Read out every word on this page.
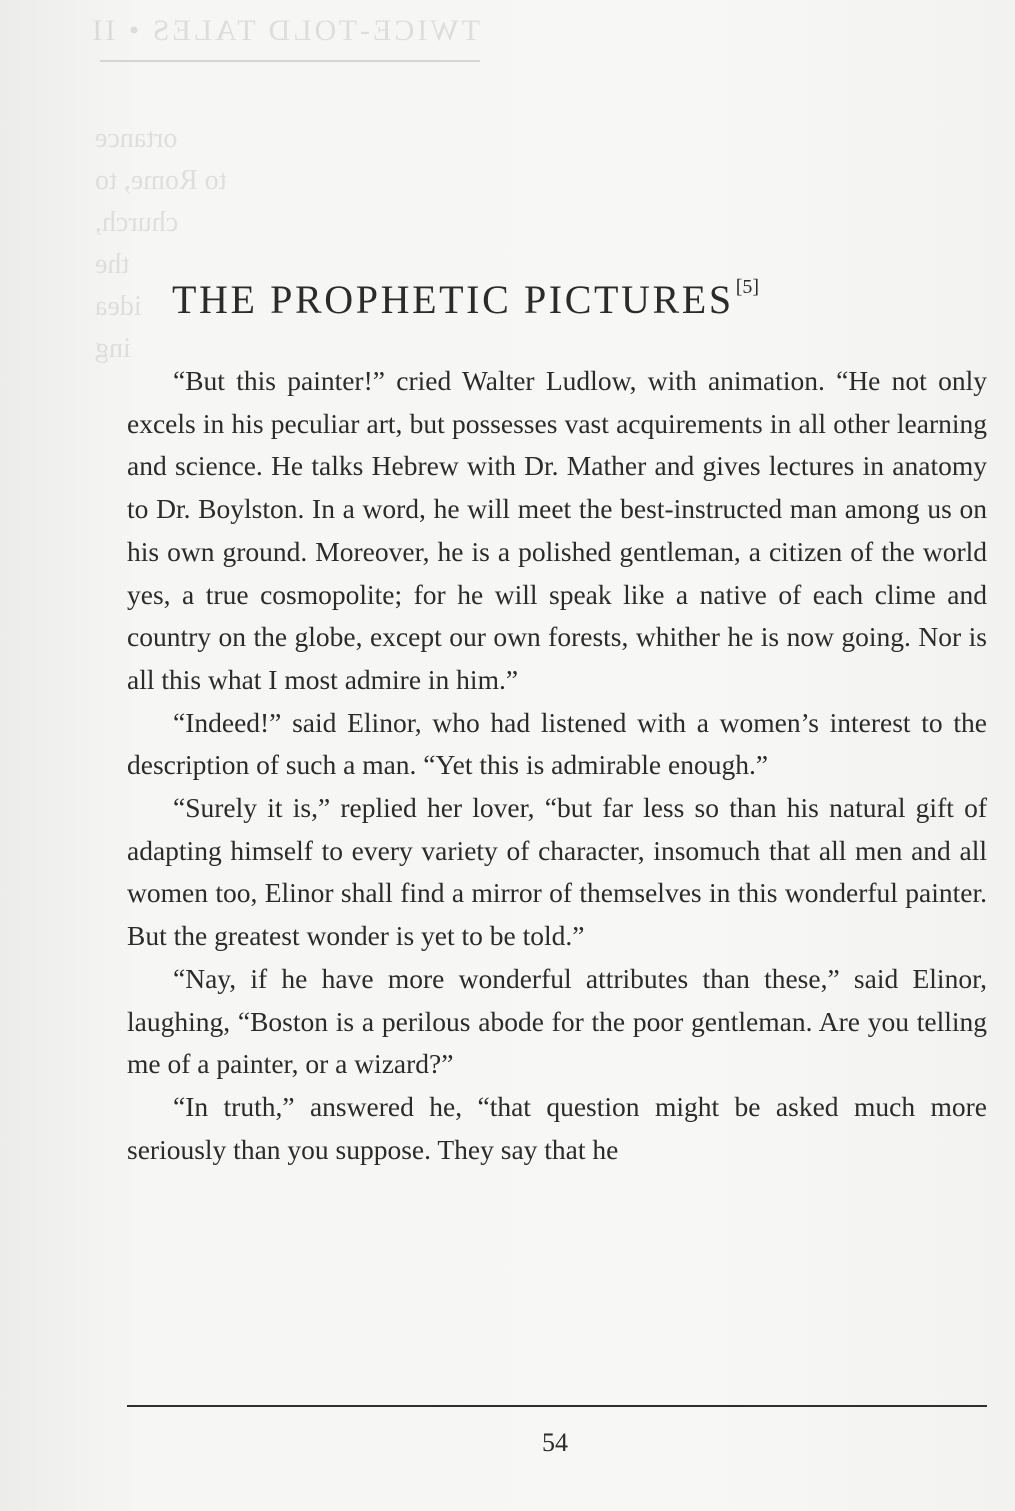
TWICE-TOLD TALES • II
ortance
to Rome, to
church,
the
idea
ing
THE PROPHETIC PICTURES [5]

“But this painter!” cried Walter Ludlow, with animation. “He not only excels in his peculiar art, but possesses vast acquirements in all other learning and science. He talks Hebrew with Dr. Mather and gives lectures in anatomy to Dr. Boylston. In a word, he will meet the best-instructed man among us on his own ground. Moreover, he is a polished gentleman, a citizen of the world yes, a true cosmopolite; for he will speak like a native of each clime and country on the globe, except our own forests, whither he is now going. Nor is all this what I most admire in him.”

“Indeed!” said Elinor, who had listened with a women’s interest to the description of such a man. “Yet this is admirable enough.”

“Surely it is,” replied her lover, “but far less so than his natural gift of adapting himself to every variety of character, insomuch that all men and all women too, Elinor shall find a mirror of themselves in this wonderful painter. But the greatest wonder is yet to be told.”

“Nay, if he have more wonderful attributes than these,” said Elinor, laughing, “Boston is a perilous abode for the poor gentleman. Are you telling me of a painter, or a wizard?”

“In truth,” answered he, “that question might be asked much more seriously than you suppose. They say that he

54
